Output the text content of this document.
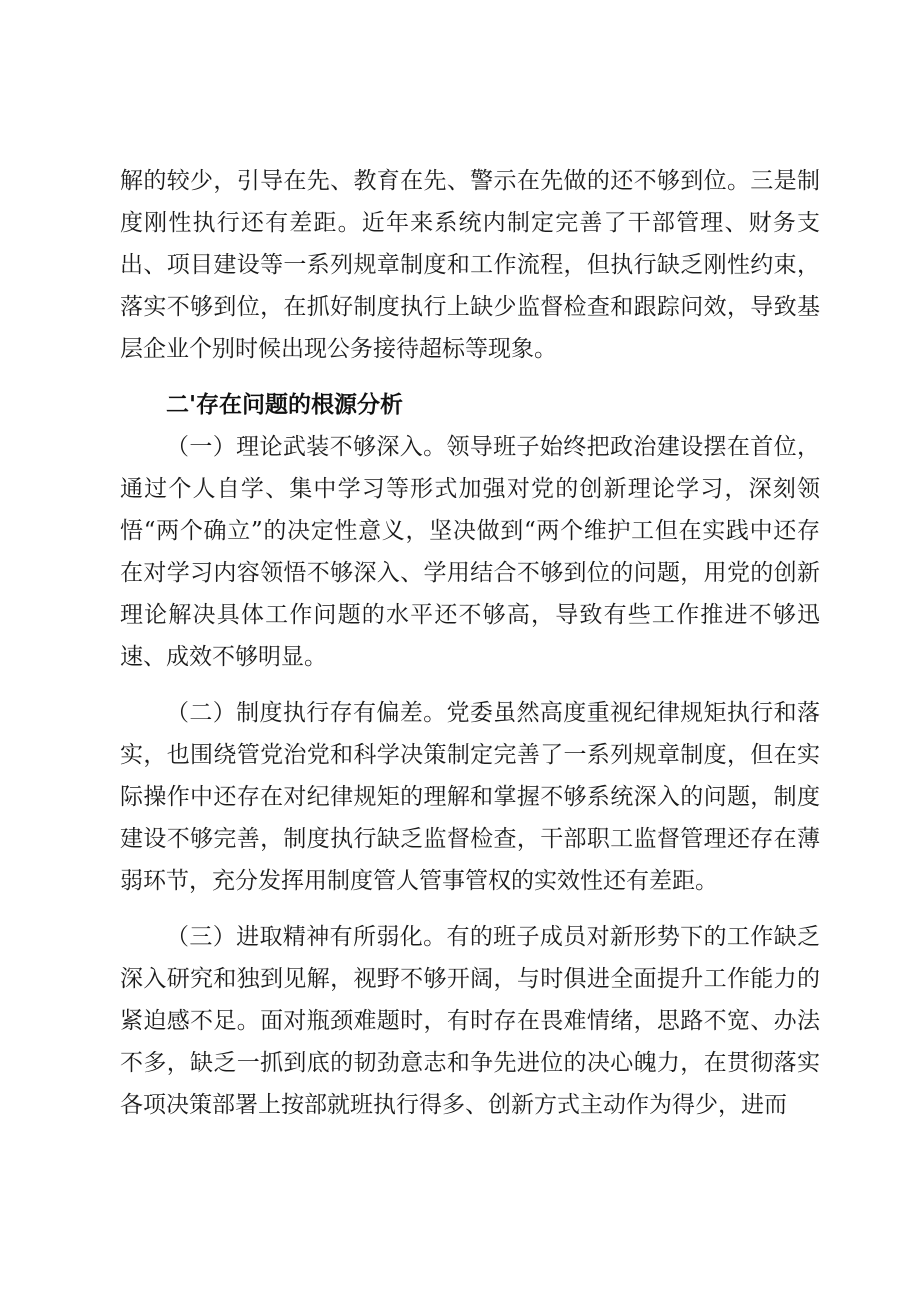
解的较少，引导在先、教育在先、警示在先做的还不够到位。三是制度刚性执行还有差距。近年来系统内制定完善了干部管理、财务支出、项目建设等一系列规章制度和工作流程，但执行缺乏刚性约束，落实不够到位，在抓好制度执行上缺少监督检查和跟踪问效，导致基层企业个别时候出现公务接待超标等现象。

二'存在问题的根源分析

（一）理论武装不够深入。领导班子始终把政治建设摆在首位，通过个人自学、集中学习等形式加强对党的创新理论学习，深刻领悟“两个确立”的决定性意义，坚决做到“两个维护工但在实践中还存在对学习内容领悟不够深入、学用结合不够到位的问题，用党的创新理论解决具体工作问题的水平还不够高，导致有些工作推进不够迅速、成效不够明显。

（二）制度执行存有偏差。党委虽然高度重视纪律规矩执行和落实，也围绕管党治党和科学决策制定完善了一系列规章制度，但在实际操作中还存在对纪律规矩的理解和掌握不够系统深入的问题，制度建设不够完善，制度执行缺乏监督检查，干部职工监督管理还存在薄弱环节，充分发挥用制度管人管事管权的实效性还有差距。

（三）进取精神有所弱化。有的班子成员对新形势下的工作缺乏深入研究和独到见解，视野不够开阔，与时俱进全面提升工作能力的紧迫感不足。面对瓶颈难题时，有时存在畏难情绪，思路不宽、办法不多，缺乏一抓到底的韧劲意志和争先进位的决心魄力，在贯彻落实各项决策部署上按部就班执行得多、创新方式主动作为得少，进而
